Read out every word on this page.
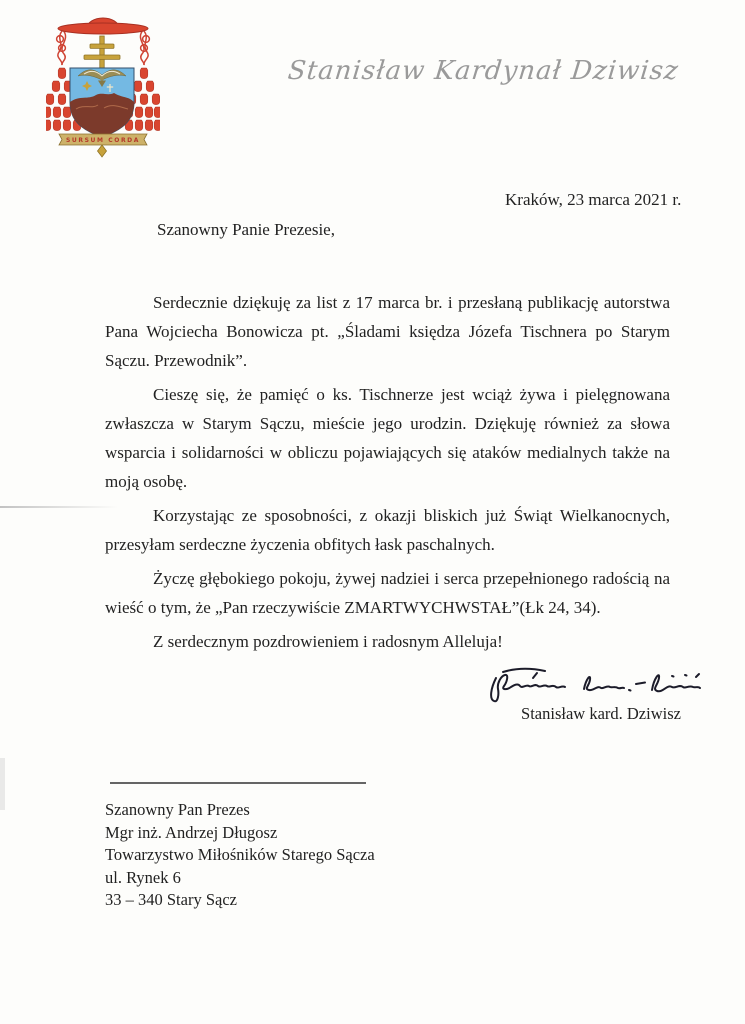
SURSUM CORDA
Stanisław Kardynał Dziwisz
Kraków, 23 marca 2021 r.
Szanowny Panie Prezesie,

Serdecznie dziękuję za list z 17 marca br. i przesłaną publikację autorstwa Pana Wojciecha Bonowicza pt. „Śladami księdza Józefa Tischnera po Starym Sączu. Przewodnik”.

Cieszę się, że pamięć o ks. Tischnerze jest wciąż żywa i pielęgnowana zwłaszcza w Starym Sączu, mieście jego urodzin. Dziękuję również za słowa wsparcia i solidarności w obliczu pojawiających się ataków medialnych także na moją osobę.

Korzystając ze sposobności, z okazji bliskich już Świąt Wielkanocnych, przesyłam serdeczne życzenia obfitych łask paschalnych.

Życzę głębokiego pokoju, żywej nadziei i serca przepełnionego radością na wieść o tym, że „Pan rzeczywiście ZMARTWYCHWSTAŁ”(Łk 24, 34).

Z serdecznym pozdrowieniem i radosnym Alleluja!

Stanisław kard. Dziwisz
Szanowny Pan Prezes
Mgr inż. Andrzej Długosz
Towarzystwo Miłośników Starego Sącza
ul. Rynek 6
33 – 340 Stary Sącz
